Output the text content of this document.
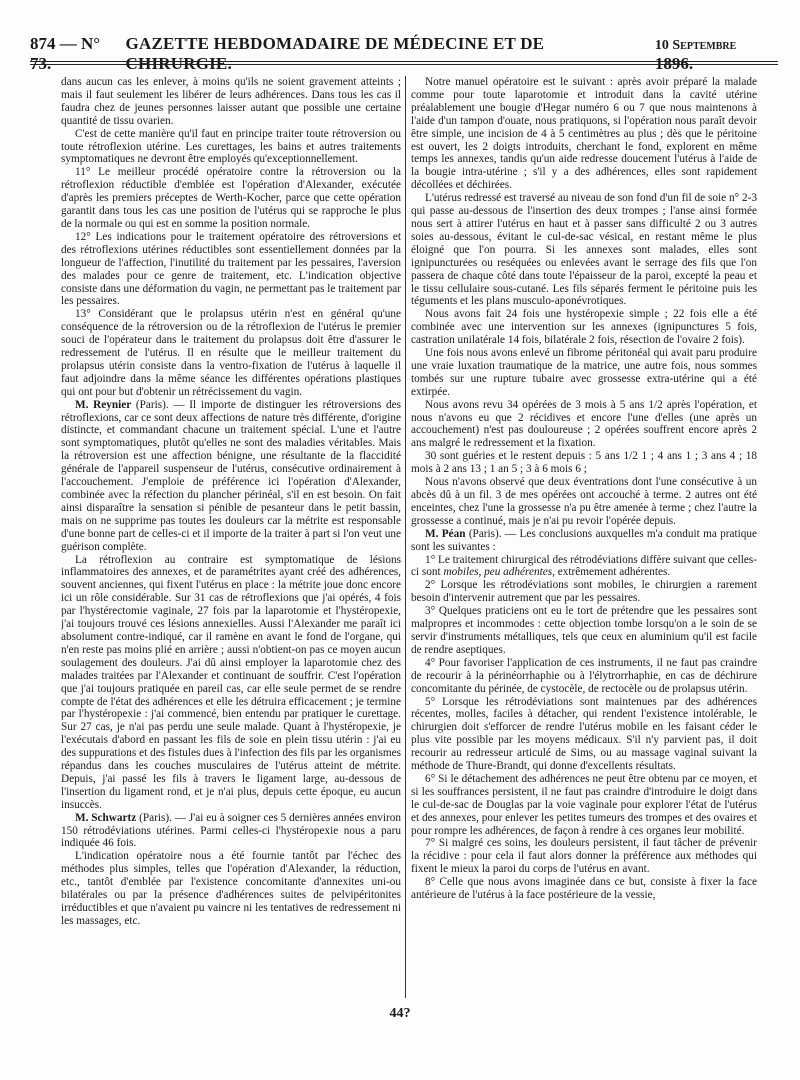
874 — N° 73.
GAZETTE HEBDOMADAIRE DE MÉDECINE ET DE CHIRURGIE.
10 Septembre 1896.

dans aucun cas les enlever, à moins qu'ils ne soient gravement atteints ; mais il faut seulement les libérer de leurs adhérences. Dans tous les cas il faudra chez de jeunes personnes laisser autant que possible une certaine quantité de tissu ovarien.

C'est de cette manière qu'il faut en principe traiter toute rétroversion ou toute rétroflexion utérine. Les curettages, les bains et autres traitements symptomatiques ne devront être employés qu'exceptionnellement.

11° Le meilleur procédé opératoire contre la rétroversion ou la rétroflexion réductible d'emblée est l'opération d'Alexander, exécutée d'après les premiers préceptes de Werth-Kocher, parce que cette opération garantit dans tous les cas une position de l'utérus qui se rapproche le plus de la normale ou qui est en somme la position normale.

12° Les indications pour le traitement opératoire des rétroversions et des rétroflexions utérines réductibles sont essentiellement données par la longueur de l'affection, l'inutilité du traitement par les pessaires, l'aversion des malades pour ce genre de traitement, etc. L'indication objective consiste dans une déformation du vagin, ne permettant pas le traitement par les pessaires.

13° Considérant que le prolapsus utérin n'est en général qu'une conséquence de la rétroversion ou de la rétroflexion de l'utérus le premier souci de l'opérateur dans le traitement du prolapsus doit être d'assurer le redressement de l'utérus. Il en résulte que le meilleur traitement du prolapsus utérin consiste dans la ventro-fixation de l'utérus à laquelle il faut adjoindre dans la même séance les différentes opérations plastiques qui ont pour but d'obtenir un rétrécissement du vagin.

M. Reynier (Paris). — Il importe de distinguer les rétroversions des rétroflexions, car ce sont deux affections de nature très différente, d'origine distincte, et commandant chacune un traitement spécial. L'une et l'autre sont symptomatiques, plutôt qu'elles ne sont des maladies véritables. Mais la rétroversion est une affection bénigne, une résultante de la flaccidité générale de l'appareil suspenseur de l'utérus, consécutive ordinairement à l'accouchement. J'emploie de préférence ici l'opération d'Alexander, combinée avec la réfection du plancher périnéal, s'il en est besoin. On fait ainsi disparaître la sensation si pénible de pesanteur dans le petit bassin, mais on ne supprime pas toutes les douleurs car la métrite est responsable d'une bonne part de celles-ci et il importe de la traiter à part si l'on veut une guérison complète.

La rétroflexion au contraire est symptomatique de lésions inflammatoires des annexes, et de paramétrites ayant créé des adhérences, souvent anciennes, qui fixent l'utérus en place : la métrite joue donc encore ici un rôle considérable. Sur 31 cas de rétroflexions que j'ai opérés, 4 fois par l'hystérectomie vaginale, 27 fois par la laparotomie et l'hystéropexie, j'ai toujours trouvé ces lésions annexielles. Aussi l'Alexander me paraît ici absolument contre-indiqué, car il ramène en avant le fond de l'organe, qui n'en reste pas moins plié en arrière ; aussi n'obtient-on pas ce moyen aucun soulagement des douleurs. J'ai dû ainsi employer la laparotomie chez des malades traitées par l'Alexander et continuant de souffrir. C'est l'opération que j'ai toujours pratiquée en pareil cas, car elle seule permet de se rendre compte de l'état des adhérences et elle les détruira efficacement ; je termine par l'hystéropexie : j'ai commencé, bien entendu par pratiquer le curettage. Sur 27 cas, je n'ai pas perdu une seule malade. Quant à l'hystéropexie, je l'exécutais d'abord en passant les fils de soie en plein tissu utérin : j'ai eu des suppurations et des fistules dues à l'infection des fils par les organismes répandus dans les couches musculaires de l'utérus atteint de métrite. Depuis, j'ai passé les fils à travers le ligament large, au-dessous de l'insertion du ligament rond, et je n'ai plus, depuis cette époque, eu aucun insuccès.

M. Schwartz (Paris). — J'ai eu à soigner ces 5 dernières années environ 150 rétrodéviations utérines. Parmi celles-ci l'hystéropexie nous a paru indiquée 46 fois.

L'indication opératoire nous a été fournie tantôt par l'échec des méthodes plus simples, telles que l'opération d'Alexander, la réduction, etc., tantôt d'emblée par l'existence concomitante d'annexites uni-ou bilatérales ou par la présence d'adhérences suites de pelvipéritonites irréductibles et que n'avaient pu vaincre ni les tentatives de redressement ni les massages, etc.

Notre manuel opératoire est le suivant : après avoir préparé la malade comme pour toute laparotomie et introduit dans la cavité utérine préalablement une bougie d'Hegar numéro 6 ou 7 que nous maintenons à l'aide d'un tampon d'ouate, nous pratiquons, si l'opération nous paraît devoir être simple, une incision de 4 à 5 centimètres au plus ; dès que le péritoine est ouvert, les 2 doigts introduits, cherchant le fond, explorent en même temps les annexes, tandis qu'un aide redresse doucement l'utérus à l'aide de la bougie intra-utérine ; s'il y a des adhérences, elles sont rapidement décollées et déchirées.

L'utérus redressé est traversé au niveau de son fond d'un fil de soie n° 2-3 qui passe au-dessous de l'insertion des deux trompes ; l'anse ainsi formée nous sert à attirer l'utérus en haut et à passer sans difficulté 2 ou 3 autres soies au-dessous, évitant le cul-de-sac vésical, en restant même le plus éloigné que l'on pourra. Si les annexes sont malades, elles sont ignipuncturées ou reséquées ou enlevées avant le serrage des fils que l'on passera de chaque côté dans toute l'épaisseur de la paroi, excepté la peau et le tissu cellulaire sous-cutané. Les fils séparés ferment le péritoine puis les téguments et les plans musculo-aponévrotiques.

Nous avons fait 24 fois une hystéropexie simple ; 22 fois elle a été combinée avec une intervention sur les annexes (ignipunctures 5 fois, castration unilatérale 14 fois, bilatérale 2 fois, résection de l'ovaire 2 fois).

Une fois nous avons enlevé un fibrome péritonéal qui avait paru produire une vraie luxation traumatique de la matrice, une autre fois, nous sommes tombés sur une rupture tubaire avec grossesse extra-utérine qui a été extirpée.

Nous avons revu 34 opérées de 3 mois à 5 ans 1/2 après l'opération, et nous n'avons eu que 2 récidives et encore l'une d'elles (une après un accouchement) n'est pas douloureuse ; 2 opérées souffrent encore après 2 ans malgré le redressement et la fixation.

30 sont guéries et le restent depuis : 5 ans 1/2 1 ; 4 ans 1 ; 3 ans 4 ; 18 mois à 2 ans 13 ; 1 an 5 ; 3 à 6 mois 6 ;

Nous n'avons observé que deux éventrations dont l'une consécutive à un abcès dû à un fil. 3 de mes opérées ont accouché à terme. 2 autres ont été enceintes, chez l'une la grossesse n'a pu être amenée à terme ; chez l'autre la grossesse a continué, mais je n'ai pu revoir l'opérée depuis.

M. Péan (Paris). — Les conclusions auxquelles m'a conduit ma pratique sont les suivantes :

1° Le traitement chirurgical des rétrodéviations diffère suivant que celles-ci sont mobiles, peu adhérentes, extrêmement adhérentes.

2° Lorsque les rétrodéviations sont mobiles, le chirurgien a rarement besoin d'intervenir autrement que par les pessaires.

3° Quelques praticiens ont eu le tort de prétendre que les pessaires sont malpropres et incommodes : cette objection tombe lorsqu'on a le soin de se servir d'instruments métalliques, tels que ceux en aluminium qu'il est facile de rendre aseptiques.

4° Pour favoriser l'application de ces instruments, il ne faut pas craindre de recourir à la périnéorrhaphie ou à l'élytrorrhaphie, en cas de déchirure concomitante du périnée, de cystocèle, de rectocèle ou de prolapsus utérin.

5° Lorsque les rétrodéviations sont maintenues par des adhérences récentes, molles, faciles à détacher, qui rendent l'existence intolérable, le chirurgien doit s'efforcer de rendre l'utérus mobile en les faisant céder le plus vite possible par les moyens médicaux. S'il n'y parvient pas, il doit recourir au redresseur articulé de Sims, ou au massage vaginal suivant la méthode de Thure-Brandt, qui donne d'excellents résultats.

6° Si le détachement des adhérences ne peut être obtenu par ce moyen, et si les souffrances persistent, il ne faut pas craindre d'introduire le doigt dans le cul-de-sac de Douglas par la voie vaginale pour explorer l'état de l'utérus et des annexes, pour enlever les petites tumeurs des trompes et des ovaires et pour rompre les adhérences, de façon à rendre à ces organes leur mobilité.

7° Si malgré ces soins, les douleurs persistent, il faut tâcher de prévenir la récidive : pour cela il faut alors donner la préférence aux méthodes qui fixent le mieux la paroi du corps de l'utérus en avant.

8° Celle que nous avons imaginée dans ce but, consiste à fixer la face antérieure de l'utérus à la face postérieure de la vessie,

44?
